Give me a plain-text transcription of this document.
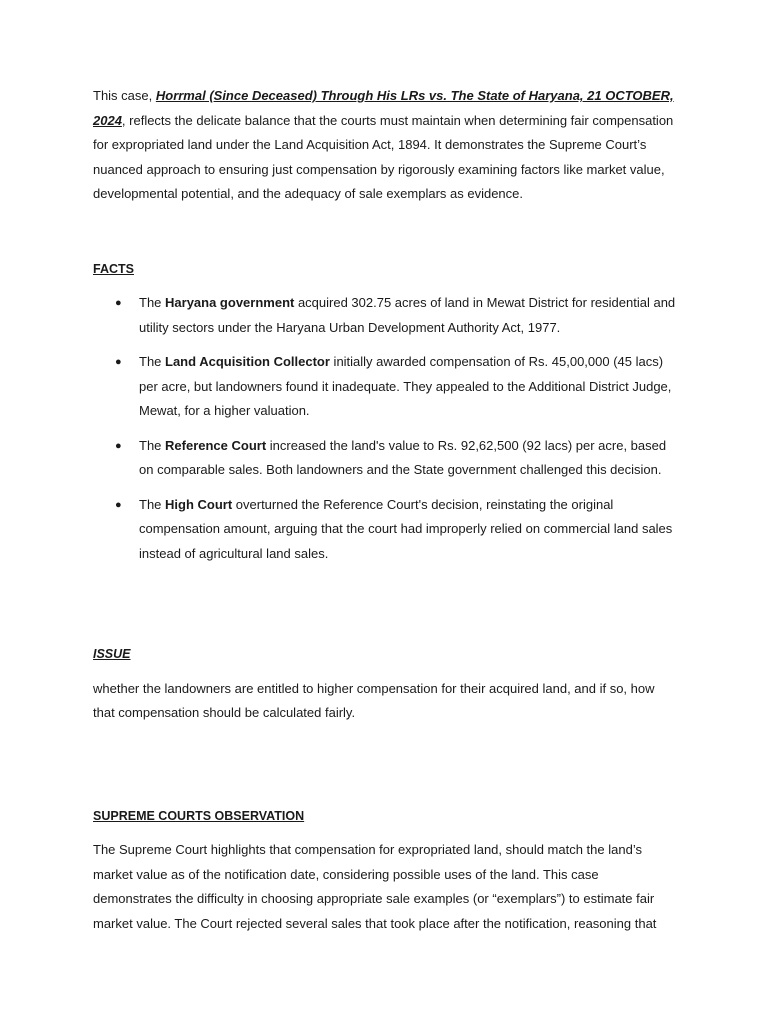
This case, Horrmal (Since Deceased) Through His LRs vs. The State of Haryana, 21 OCTOBER, 2024, reflects the delicate balance that the courts must maintain when determining fair compensation for expropriated land under the Land Acquisition Act, 1894. It demonstrates the Supreme Court’s nuanced approach to ensuring just compensation by rigorously examining factors like market value, developmental potential, and the adequacy of sale exemplars as evidence.

FACTS

● The Haryana government acquired 302.75 acres of land in Mewat District for residential and utility sectors under the Haryana Urban Development Authority Act, 1977.
● The Land Acquisition Collector initially awarded compensation of Rs. 45,00,000 (45 lacs) per acre, but landowners found it inadequate. They appealed to the Additional District Judge, Mewat, for a higher valuation.
● The Reference Court increased the land's value to Rs. 92,62,500 (92 lacs) per acre, based on comparable sales. Both landowners and the State government challenged this decision.
● The High Court overturned the Reference Court's decision, reinstating the original compensation amount, arguing that the court had improperly relied on commercial land sales instead of agricultural land sales.

ISSUE

whether the landowners are entitled to higher compensation for their acquired land, and if so, how that compensation should be calculated fairly.

SUPREME COURTS OBSERVATION

The Supreme Court highlights that compensation for expropriated land, should match the land’s market value as of the notification date, considering possible uses of the land. This case demonstrates the difficulty in choosing appropriate sale examples (or “exemplars”) to estimate fair market value. The Court rejected several sales that took place after the notification, reasoning that
